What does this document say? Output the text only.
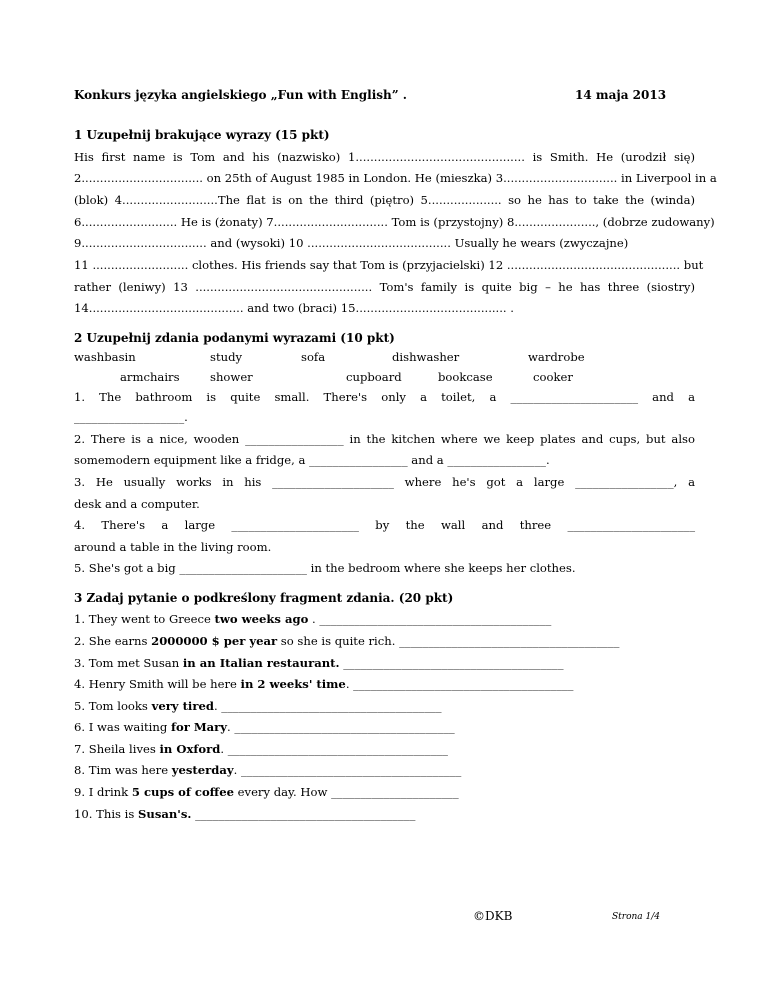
Konkurs języka angielskiego „Fun with English” .	14 maja 2013
1 Uzupełnij brakujące wyrazy (15 pkt)
His first name is Tom and his (nazwisko) 1.............................................. is Smith. He (urodził się)
2................................. on 25th of August 1985 in London. He (mieszka) 3............................... in Liverpool in a
(blok) 4..........................The flat is on the third (piętro) 5.................... so he has to take the (winda)
6.......................... He is (żonaty) 7............................... Tom is (przystojny) 8......................, (dobrze zudowany)
9.................................. and (wysoki) 10 ....................................... Usually he wears (zwyczajne)
11 .......................... clothes. His friends say that Tom is (przyjacielski) 12 ............................................... but
rather (leniwy) 13 ................................................ Tom's family is quite big – he has three (siostry)
14.......................................... and two (braci) 15......................................... .
2 Uzupełnij zdania podanymi wyrazami (10 pkt)
washbasin	study	sofa	dishwasher	wardrobe
armchairs	shower	cupboard	bookcase	cooker
1. The bathroom is quite small. There's only a toilet, a ______________________ and a
___________________.
2. There is a nice, wooden _________________ in the kitchen where we keep plates and cups, but also
somemodern equipment like a fridge, a _________________ and a _________________.
3. He usually works in his _____________________ where he's got a large _________________, a
desk and a computer.
4. There's a large ______________________ by the wall and three ______________________
around a table in the living room.
5. She's got a big ______________________ in the bedroom where she keeps her clothes.
3 Zadaj pytanie o podkreślony fragment zdania. (20 pkt)
1. They went to Greece two weeks ago . ________________________________________
2. She earns 2000000 $ per year so she is quite rich. ______________________________________
3. Tom met Susan in an Italian restaurant. ______________________________________
4. Henry Smith will be here in 2 weeks' time. ______________________________________
5. Tom looks very tired. ______________________________________
6. I was waiting for Mary. ______________________________________
7. Sheila lives in Oxford. ______________________________________
8. Tim was here yesterday. ______________________________________
9. I drink 5 cups of coffee every day. How ______________________
10. This is Susan's. ______________________________________
©DKB	Strona 1/4
